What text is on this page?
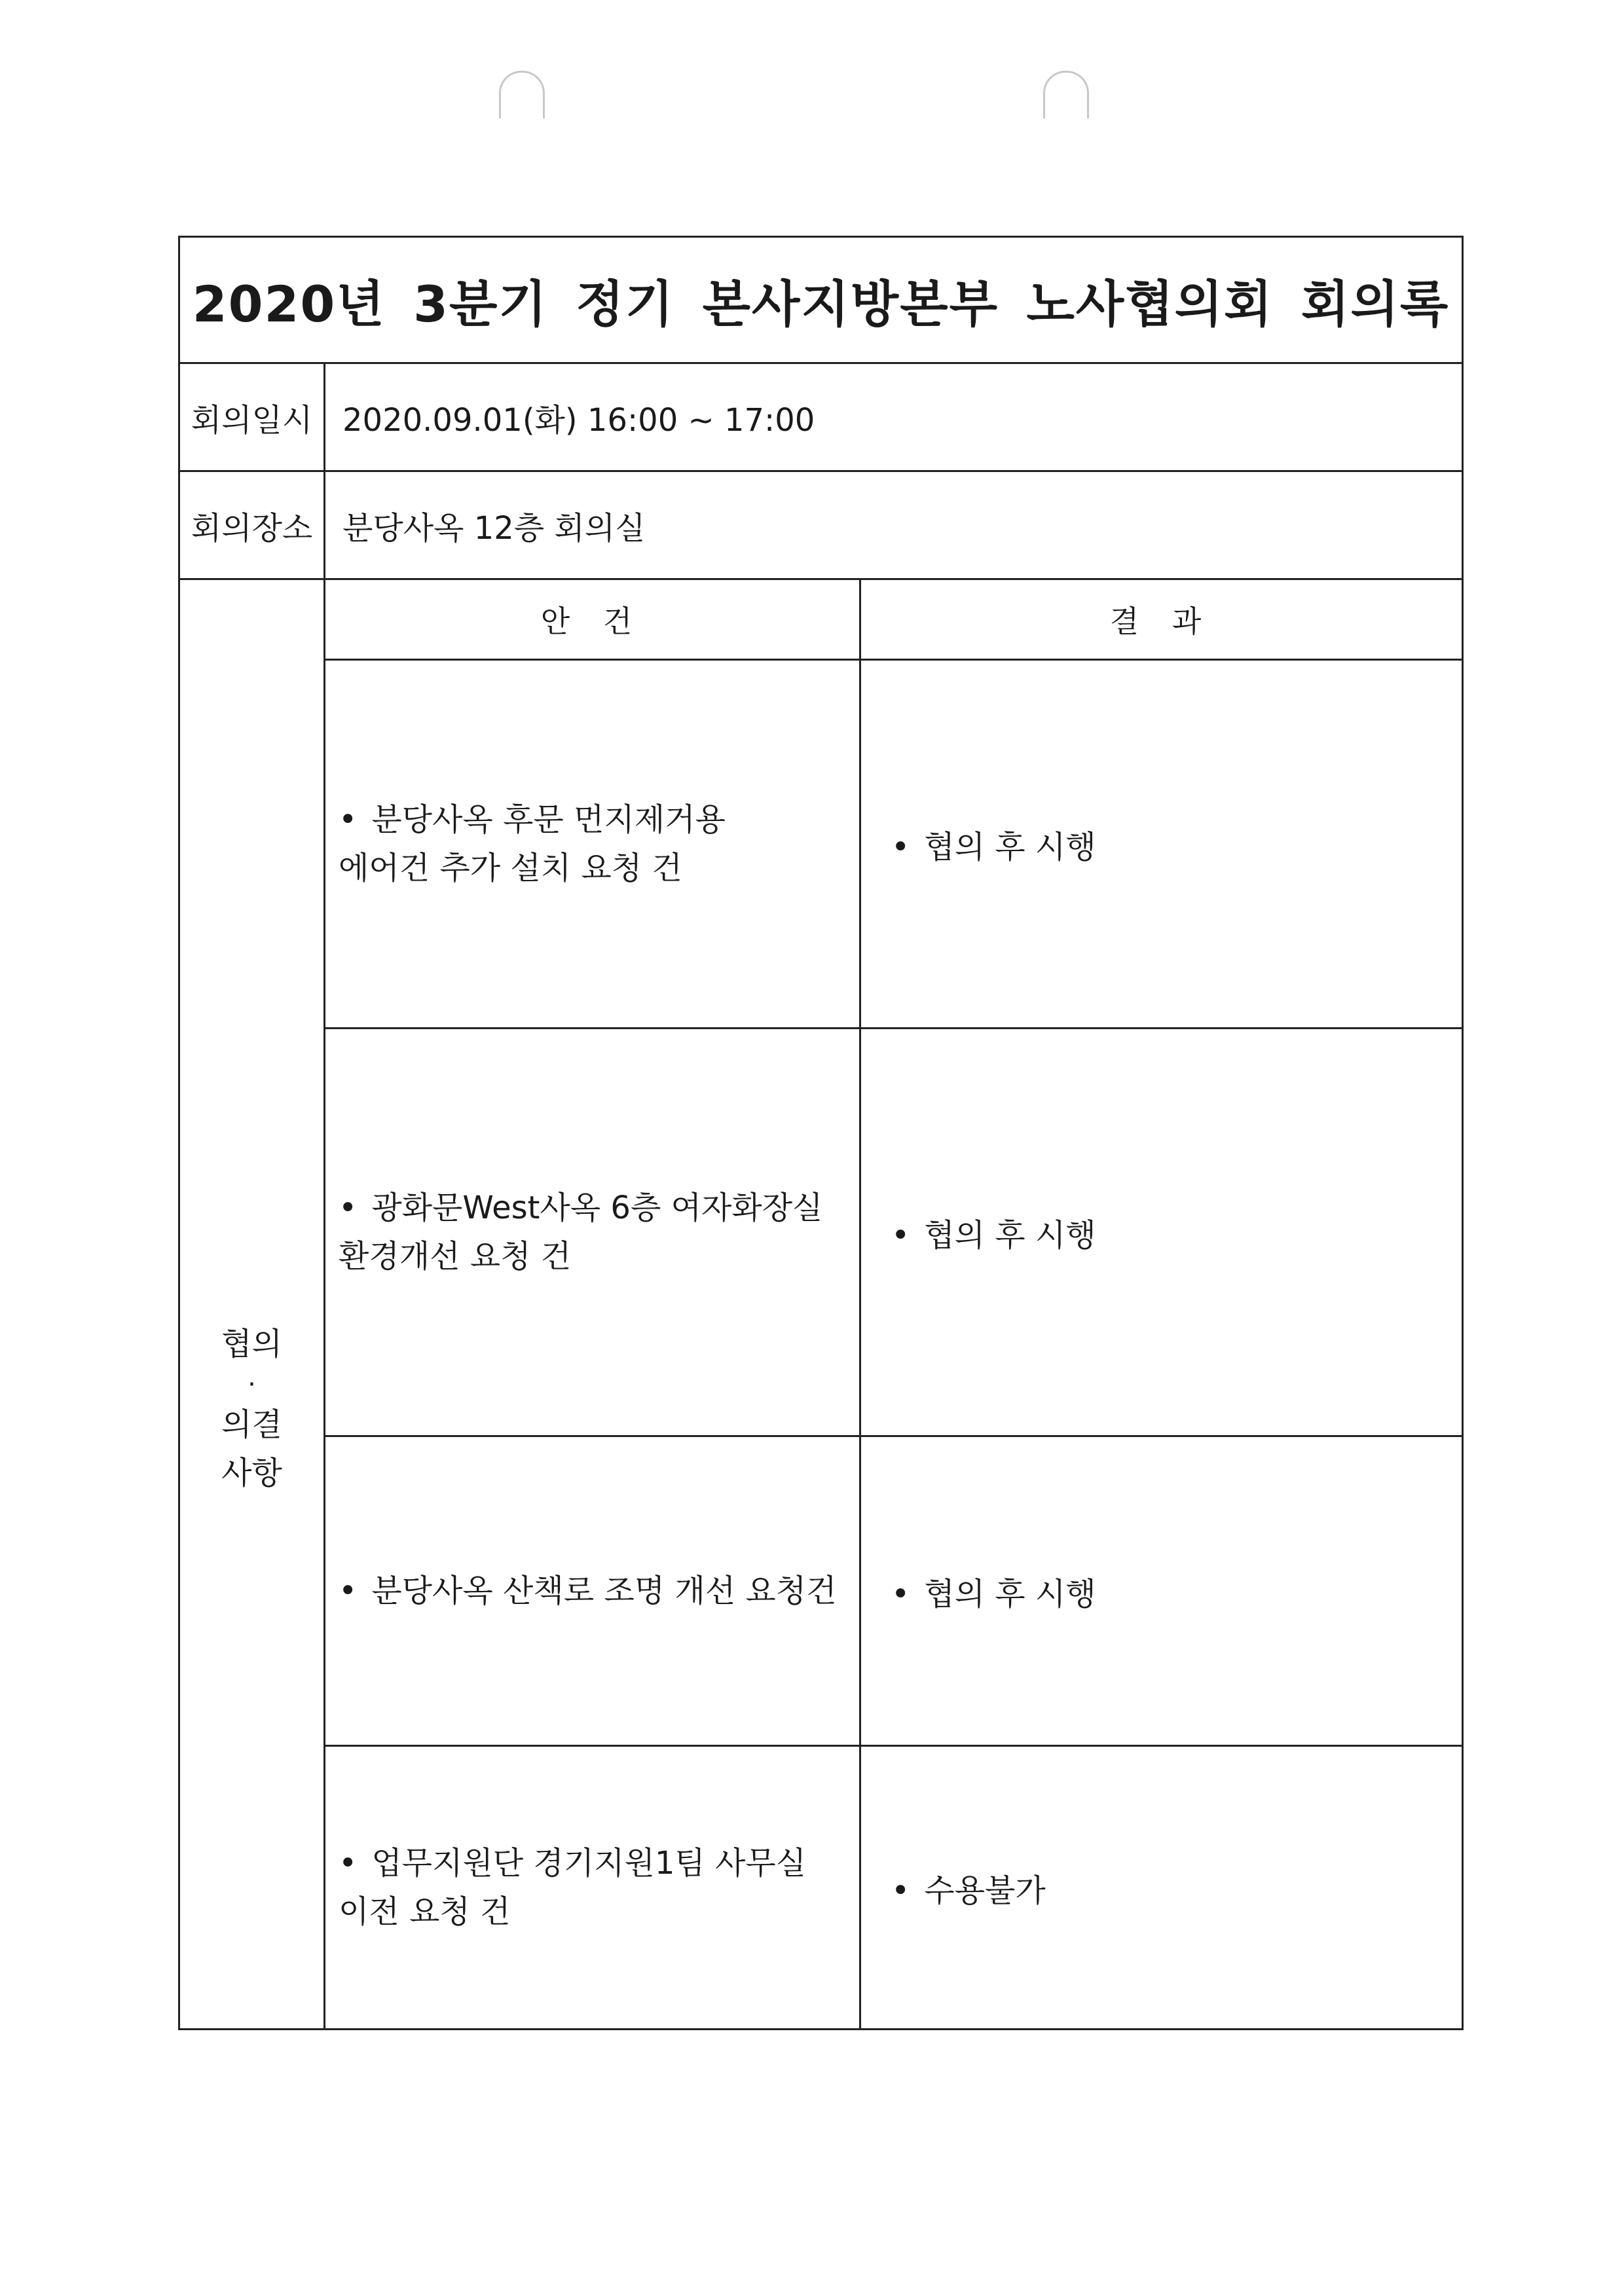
2020년 3분기 정기 본사지방본부 노사협의회 회의록		
회의일시	2020.09.01(화) 16:00 ~ 17:00	
회의장소	분당사옥 12층 회의실	
협의
·
의결
사항	안 건	결 과
	• 분당사옥 후문 먼지제거용
에어건 추가 설치 요청 건	• 협의 후 시행
	• 광화문West사옥 6층 여자화장실
환경개선 요청 건	• 협의 후 시행
	• 분당사옥 산책로 조명 개선 요청건	• 협의 후 시행
	• 업무지원단 경기지원1팀 사무실
이전 요청 건	• 수용불가
